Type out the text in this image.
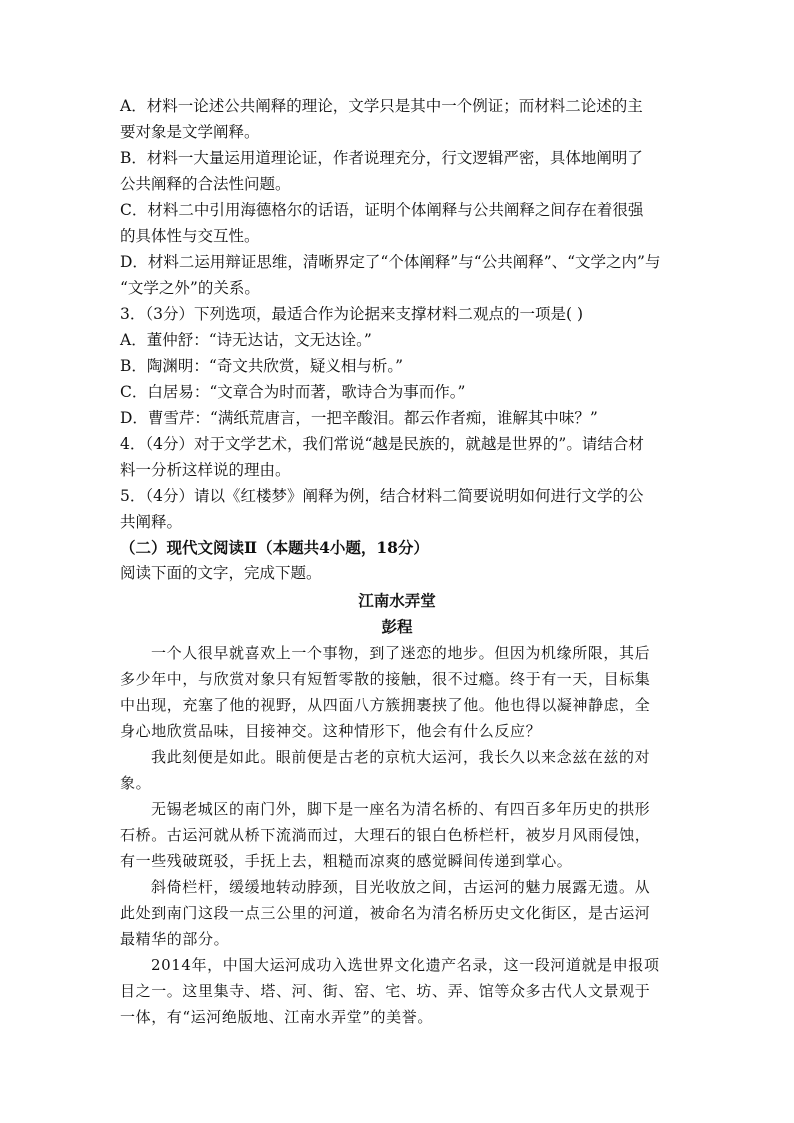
A．材料一论述公共阐释的理论，文学只是其中一个例证；而材料二论述的主
要对象是文学阐释。
B．材料一大量运用道理论证，作者说理充分，行文逻辑严密，具体地阐明了
公共阐释的合法性问题。
C．材料二中引用海德格尔的话语，证明个体阐释与公共阐释之间存在着很强
的具体性与交互性。
D．材料二运用辩证思维，清晰界定了“个体阐释”与“公共阐释”、“文学之内”与
“文学之外”的关系。
3．（3分）下列选项，最适合作为论据来支撑材料二观点的一项是( )
A．董仲舒：“诗无达诂，文无达诠。”
B．陶渊明：“奇文共欣赏，疑义相与析。”
C．白居易：“文章合为时而著，歌诗合为事而作。”
D．曹雪芹：“满纸荒唐言，一把辛酸泪。都云作者痴，谁解其中味？”
4．（4分）对于文学艺术，我们常说“越是民族的，就越是世界的”。请结合材
料一分析这样说的理由。
5．（4分）请以《红楼梦》阐释为例，结合材料二简要说明如何进行文学的公
共阐释。
（二）现代文阅读Ⅱ（本题共4小题，18分）
阅读下面的文字，完成下题。
江南水弄堂
彭程
一个人很早就喜欢上一个事物，到了迷恋的地步。但因为机缘所限，其后
多少年中，与欣赏对象只有短暂零散的接触，很不过瘾。终于有一天，目标集
中出现，充塞了他的视野，从四面八方簇拥裹挟了他。他也得以凝神静虑，全
身心地欣赏品味，目接神交。这种情形下，他会有什么反应？
我此刻便是如此。眼前便是古老的京杭大运河，我长久以来念兹在兹的对
象。
无锡老城区的南门外，脚下是一座名为清名桥的、有四百多年历史的拱形
石桥。古运河就从桥下流淌而过，大理石的银白色桥栏杆，被岁月风雨侵蚀，
有一些残破斑驳，手抚上去，粗糙而凉爽的感觉瞬间传递到掌心。
斜倚栏杆，缓缓地转动脖颈，目光收放之间，古运河的魅力展露无遗。从
此处到南门这段一点三公里的河道，被命名为清名桥历史文化街区，是古运河
最精华的部分。
2014年，中国大运河成功入选世界文化遗产名录，这一段河道就是申报项
目之一。这里集寺、塔、河、街、窑、宅、坊、弄、馆等众多古代人文景观于
一体，有“运河绝版地、江南水弄堂”的美誉。
